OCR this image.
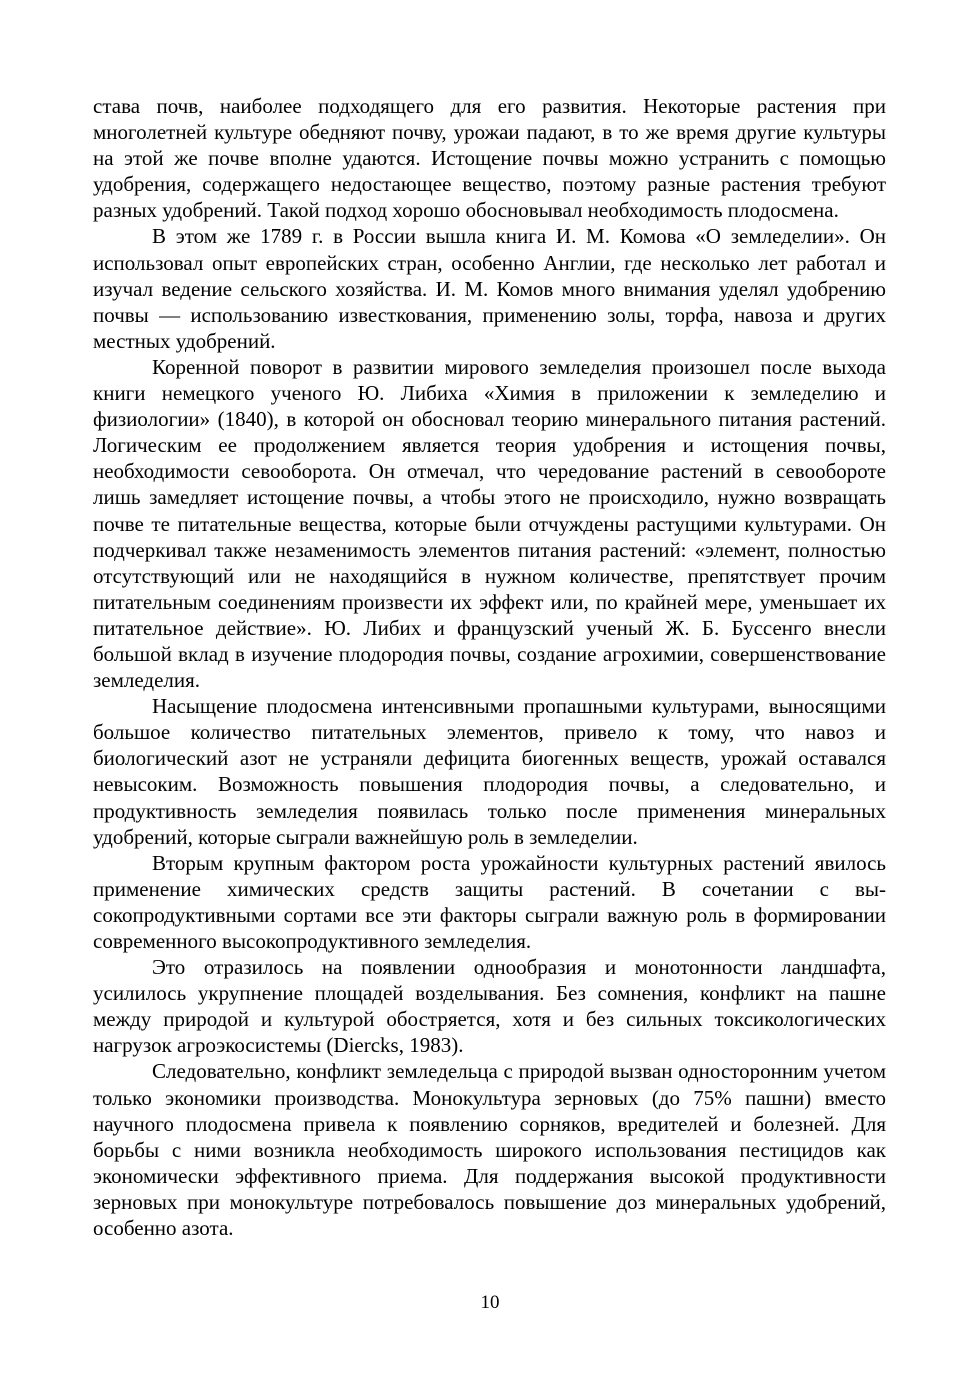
става почв, наиболее подходящего для его развития. Некоторые растения при многолетней культуре обедняют почву, урожаи падают, в то же время другие культуры на этой же почве вполне удаются. Истощение почвы можно устранить с помощью удобрения, содержащего недостающее вещество, поэтому разные растения требуют разных удобрений. Такой подход хорошо обосновывал необходимость плодосмена.

В этом же 1789 г. в России вышла книга И. М. Комова «О земледелии». Он использовал опыт европейских стран, особенно Англии, где несколько лет работал и изучал ведение сельского хозяйства. И. М. Комов много внимания уделял удобрению почвы — использованию известкования, применению золы, торфа, навоза и других местных удобрений.

Коренной поворот в развитии мирового земледелия произошел после выхода книги немецкого ученого Ю. Либиха «Химия в приложении к земледелию и физиологии» (1840), в которой он обосновал теорию минерального питания растений. Логическим ее продолжением является теория удобрения и истощения почвы, необходимости севооборота. Он отмечал, что чередование растений в севообороте лишь замедляет истощение почвы, а чтобы этого не происходило, нужно возвращать почве те питательные вещества, которые были отчуждены растущими культурами. Он подчеркивал также незаменимость элементов питания растений: «элемент, полностью отсутствующий или не находящийся в нужном количестве, препятствует прочим питательным соединениям произвести их эффект или, по крайней мере, уменьшает их питательное действие». Ю. Либих и французский ученый Ж. Б. Буссенго внесли большой вклад в изучение плодородия почвы, создание агрохимии, совершенствование земледелия.

Насыщение плодосмена интенсивными пропашными культурами, выносящими большое количество питательных элементов, привело к тому, что навоз и биологический азот не устраняли дефицита биогенных веществ, урожай оставался невысоким. Возможность повышения плодородия почвы, а следовательно, и продуктивность земледелия появилась только после применения минеральных удобрений, которые сыграли важнейшую роль в земледелии.

Вторым крупным фактором роста урожайности культурных растений явилось применение химических средств защиты растений. В сочетании с высокопродуктивными сортами все эти факторы сыграли важную роль в формировании современного высокопродуктивного земледелия.

Это отразилось на появлении однообразия и монотонности ландшафта, усилилось укрупнение площадей возделывания. Без сомнения, конфликт на пашне между природой и культурой обостряется, хотя и без сильных токсикологических нагрузок агроэкосистемы (Dierсks, 1983).

Следовательно, конфликт земледельца с природой вызван односторонним учетом только экономики производства. Монокультура зерновых (до 75% пашни) вместо научного плодосмена привела к появлению сорняков, вредителей и болезней. Для борьбы с ними возникла необходимость широкого использования пестицидов как экономически эффективного приема. Для поддержания высокой продуктивности зерновых при монокультуре потребовалось повышение доз минеральных удобрений, особенно азота.

10
